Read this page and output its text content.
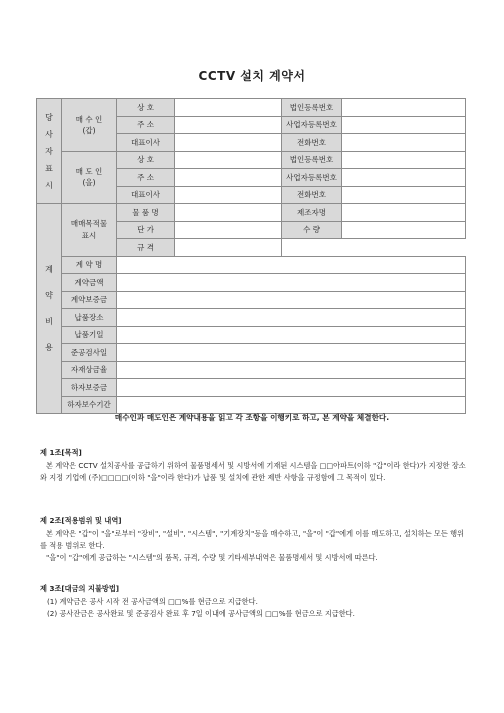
CCTV 설치 계약서
당사자표시	매 수 인
(갑)	상 호		법인등록번호	
		주 소		사업자등록번호	
		대표이사		전화번호	
	매 도 인
(을)	상 호		법인등록번호	
		주 소		사업자등록번호	
		대표이사		전화번호	

계약비용	매매목적물
표시	물 품 명		제조자명	
		단 가		수 량	
		규 격			
	계 약 명				
	계약금액				
	계약보증금				
	납품장소				
	납품기일				
	준공검사일				
	자재상금율				
	하자보증금				
	하자보수기간				
매수인과 매도인은 계약내용을 읽고 각 조항을 이행키로 하고, 본 계약을 체결한다.
제 1조[목적]

본 계약은 CCTV 설치공사를 공급하기 위하여 물품명세서 및 시방서에 기재된 시스템을 □□아파트(이하 "갑"이라 한다)가 지정한 장소와 지정 기업에 (주)□□□□(이하 "을"이라 한다)가 납품 및 설치에 관한 제반 사항을 규정함에 그 목적이 있다.

제 2조[적용범위 및 내역]

본 계약은 "갑"이 "을"로부터 "장비", "설비", "시스템", "기계장치"등을 매수하고, "을"이 "갑"에게 이를 매도하고, 설치하는 모든 행위를 적용 범위로 한다.

"을"이 "갑"에게 공급하는 "시스템"의 품목, 규격, 수량 및 기타세부내역은 물품명세서 및 시방서에 따른다.

제 3조[대금의 지불방법]

(1) 계약금은 공사 시작 전 공사금액의 □□%를 현금으로 지급한다.

(2) 공사잔금은 공사완료 및 준공검사 완료 후 7일 이내에 공사금액의 □□%를 현금으로 지급한다.
